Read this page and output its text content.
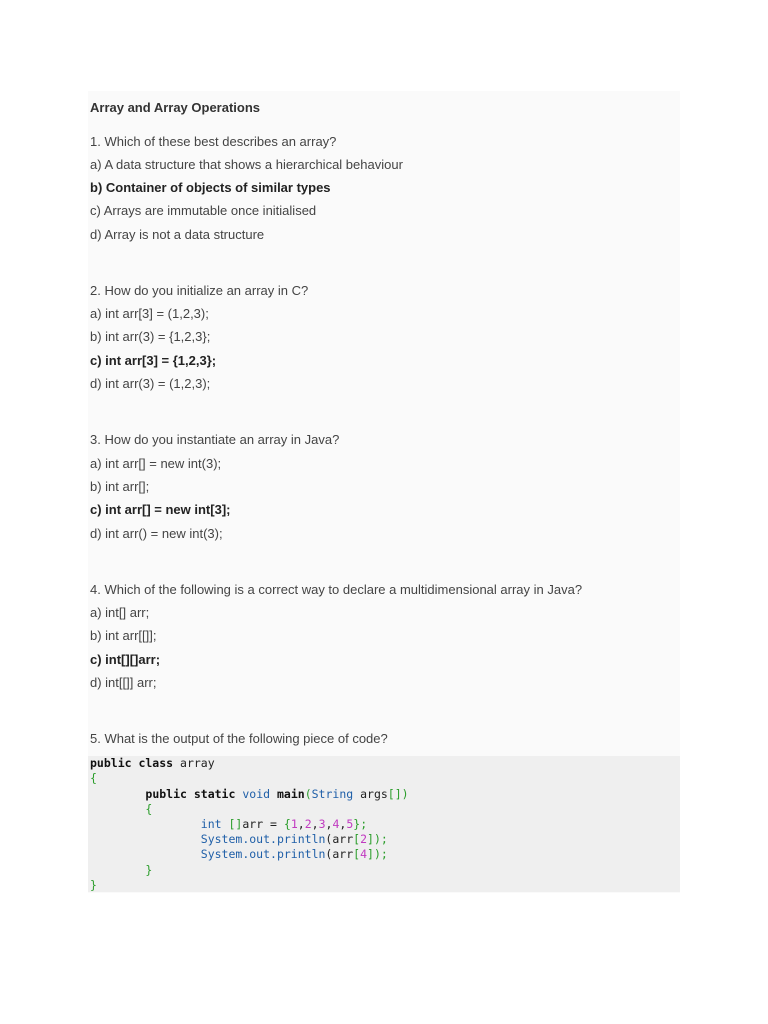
Array and Array Operations
1. Which of these best describes an array?
a) A data structure that shows a hierarchical behaviour
b) Container of objects of similar types
c) Arrays are immutable once initialised
d) Array is not a data structure
2. How do you initialize an array in C?
a) int arr[3] = (1,2,3);
b) int arr(3) = {1,2,3};
c) int arr[3] = {1,2,3};
d) int arr(3) = (1,2,3);
3. How do you instantiate an array in Java?
a) int arr[] = new int(3);
b) int arr[];
c) int arr[] = new int[3];
d) int arr() = new int(3);
4. Which of the following is a correct way to declare a multidimensional array in Java?
a) int[] arr;
b) int arr[[]];
c) int[][]arr;
d) int[[]] arr;
5. What is the output of the following piece of code?
public class array
{
public static void main(String args[])
{
int []arr = {1,2,3,4,5};
System.out.println(arr[2]);
System.out.println(arr[4]);
}
}
